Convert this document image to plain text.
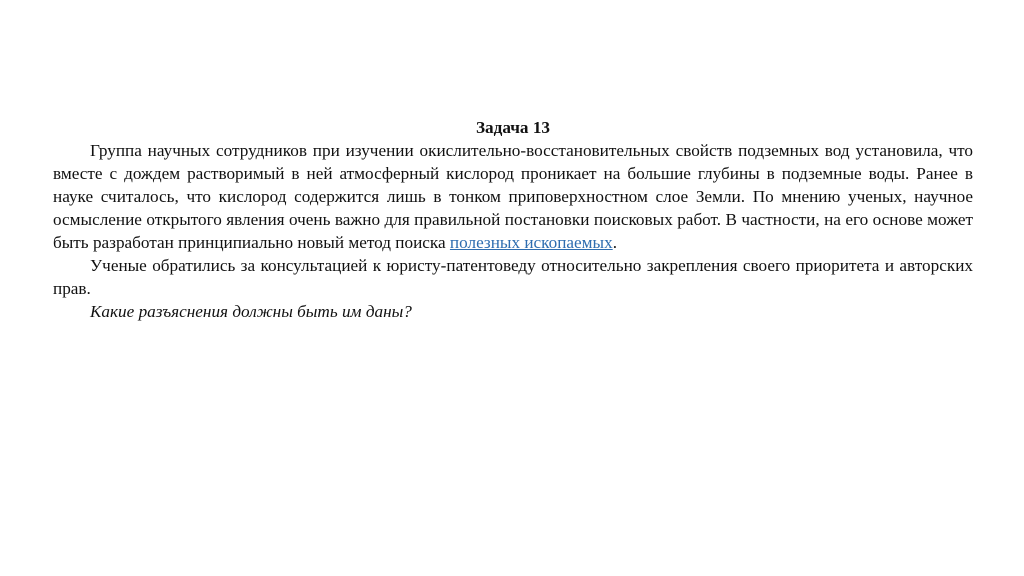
Задача 13

Группа научных сотрудников при изучении окислительно-восстановительных свойств подземных вод установила, что вместе с дождем растворимый в ней атмосферный кислород проникает на большие глубины в подземные воды. Ранее в науке считалось, что кислород содержится лишь в тонком приповерхностном слое Земли. По мнению ученых, научное осмысление открытого явления очень важно для правильной постановки поисковых работ. В частности, на его основе может быть разработан принципиально новый метод поиска полезных ископаемых.

Ученые обратились за консультацией к юристу-патентоведу относительно закрепления своего приоритета и авторских прав.

Какие разъяснения должны быть им даны?
